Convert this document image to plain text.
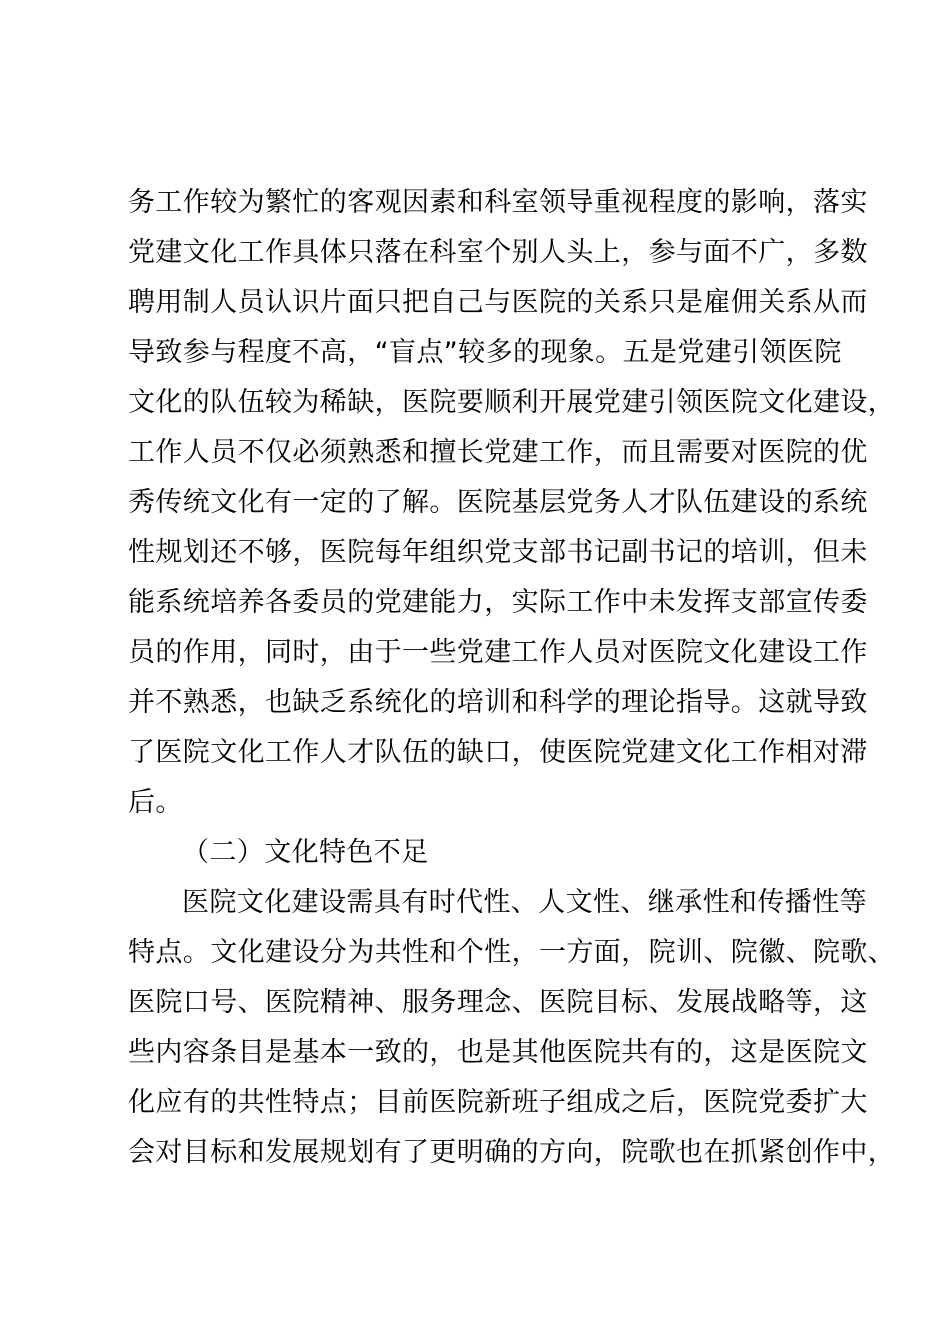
务工作较为繁忙的客观因素和科室领导重视程度的影响，落实
党建文化工作具体只落在科室个别人头上，参与面不广，多数
聘用制人员认识片面只把自己与医院的关系只是雇佣关系从而
导致参与程度不高，“盲点”较多的现象。五是党建引领医院
文化的队伍较为稀缺，医院要顺利开展党建引领医院文化建设，
工作人员不仅必须熟悉和擅长党建工作，而且需要对医院的优
秀传统文化有一定的了解。医院基层党务人才队伍建设的系统
性规划还不够，医院每年组织党支部书记副书记的培训，但未
能系统培养各委员的党建能力，实际工作中未发挥支部宣传委
员的作用，同时，由于一些党建工作人员对医院文化建设工作
并不熟悉，也缺乏系统化的培训和科学的理论指导。这就导致
了医院文化工作人才队伍的缺口，使医院党建文化工作相对滞
后。
（二）文化特色不足
医院文化建设需具有时代性、人文性、继承性和传播性等
特点。文化建设分为共性和个性，一方面，院训、院徽、院歌、
医院口号、医院精神、服务理念、医院目标、发展战略等，这
些内容条目是基本一致的，也是其他医院共有的，这是医院文
化应有的共性特点；目前医院新班子组成之后，医院党委扩大
会对目标和发展规划有了更明确的方向，院歌也在抓紧创作中，
